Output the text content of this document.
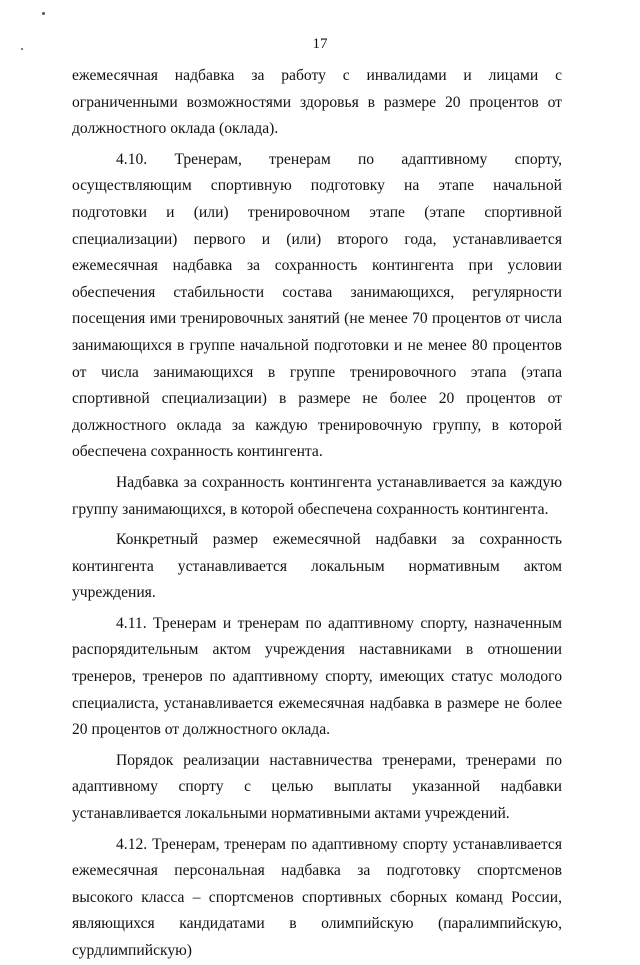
17

ежемесячная надбавка за работу с инвалидами и лицами с ограниченными возможностями здоровья в размере 20 процентов от должностного оклада (оклада).

4.10. Тренерам, тренерам по адаптивному спорту, осуществляющим спортивную подготовку на этапе начальной подготовки и (или) тренировочном этапе (этапе спортивной специализации) первого и (или) второго года, устанавливается ежемесячная надбавка за сохранность контингента при условии обеспечения стабильности состава занимающихся, регулярности посещения ими тренировочных занятий (не менее 70 процентов от числа занимающихся в группе начальной подготовки и не менее 80 процентов от числа занимающихся в группе тренировочного этапа (этапа спортивной специализации) в размере не более 20 процентов от должностного оклада за каждую тренировочную группу, в которой обеспечена сохранность контингента.

Надбавка за сохранность контингента устанавливается за каждую группу занимающихся, в которой обеспечена сохранность контингента.

Конкретный размер ежемесячной надбавки за сохранность контингента устанавливается локальным нормативным актом учреждения.

4.11. Тренерам и тренерам по адаптивному спорту, назначенным распорядительным актом учреждения наставниками в отношении тренеров, тренеров по адаптивному спорту, имеющих статус молодого специалиста, устанавливается ежемесячная надбавка в размере не более 20 процентов от должностного оклада.

Порядок реализации наставничества тренерами, тренерами по адаптивному спорту с целью выплаты указанной надбавки устанавливается локальными нормативными актами учреждений.

4.12. Тренерам, тренерам по адаптивному спорту устанавливается ежемесячная персональная надбавка за подготовку спортсменов высокого класса – спортсменов спортивных сборных команд России, являющихся кандидатами в олимпийскую (паралимпийскую, сурдлимпийскую)
